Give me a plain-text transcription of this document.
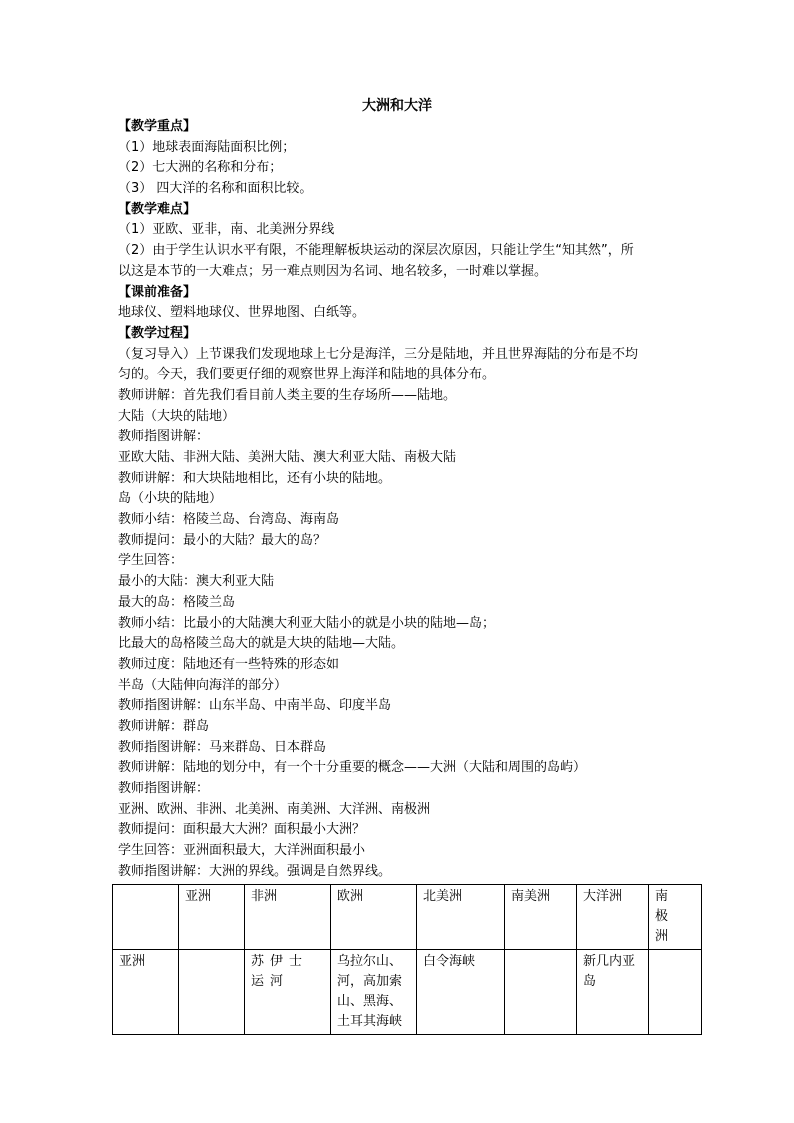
大洲和大洋
【教学重点】
（1）地球表面海陆面积比例；
（2）七大洲的名称和分布；
（3） 四大洋的名称和面积比较。
【教学难点】
（1）亚欧、亚非，南、北美洲分界线
（2）由于学生认识水平有限，不能理解板块运动的深层次原因，只能让学生“知其然”，所
以这是本节的一大难点；另一难点则因为名词、地名较多，一时难以掌握。
【课前准备】
地球仪、塑料地球仪、世界地图、白纸等。
【教学过程】
（复习导入）上节课我们发现地球上七分是海洋，三分是陆地，并且世界海陆的分布是不均
匀的。今天，我们要更仔细的观察世界上海洋和陆地的具体分布。
教师讲解：首先我们看目前人类主要的生存场所——陆地。
大陆（大块的陆地）
教师指图讲解：
亚欧大陆、非洲大陆、美洲大陆、澳大利亚大陆、南极大陆
教师讲解：和大块陆地相比，还有小块的陆地。
岛（小块的陆地）
教师小结：格陵兰岛、台湾岛、海南岛
教师提问：最小的大陆？最大的岛？
学生回答：
最小的大陆：澳大利亚大陆
最大的岛：格陵兰岛
教师小结：比最小的大陆澳大利亚大陆小的就是小块的陆地—岛；
比最大的岛格陵兰岛大的就是大块的陆地—大陆。
教师过度：陆地还有一些特殊的形态如
半岛（大陆伸向海洋的部分）
教师指图讲解：山东半岛、中南半岛、印度半岛
教师讲解：群岛
教师指图讲解：马来群岛、日本群岛
教师讲解：陆地的划分中，有一个十分重要的概念——大洲（大陆和周围的岛屿）
教师指图讲解：
亚洲、欧洲、非洲、北美洲、南美洲、大洋洲、南极洲
教师提问：面积最大大洲？面积最小大洲？
学生回答：亚洲面积最大，大洋洲面积最小
教师指图讲解：大洲的界线。强调是自然界线。
	亚洲	非洲	欧洲	北美洲	南美洲	大洋洲	南极洲
亚洲		苏伊士运河	乌拉尔山、河，高加索山、黑海、土耳其海峡	白令海峡		新几内亚岛	
